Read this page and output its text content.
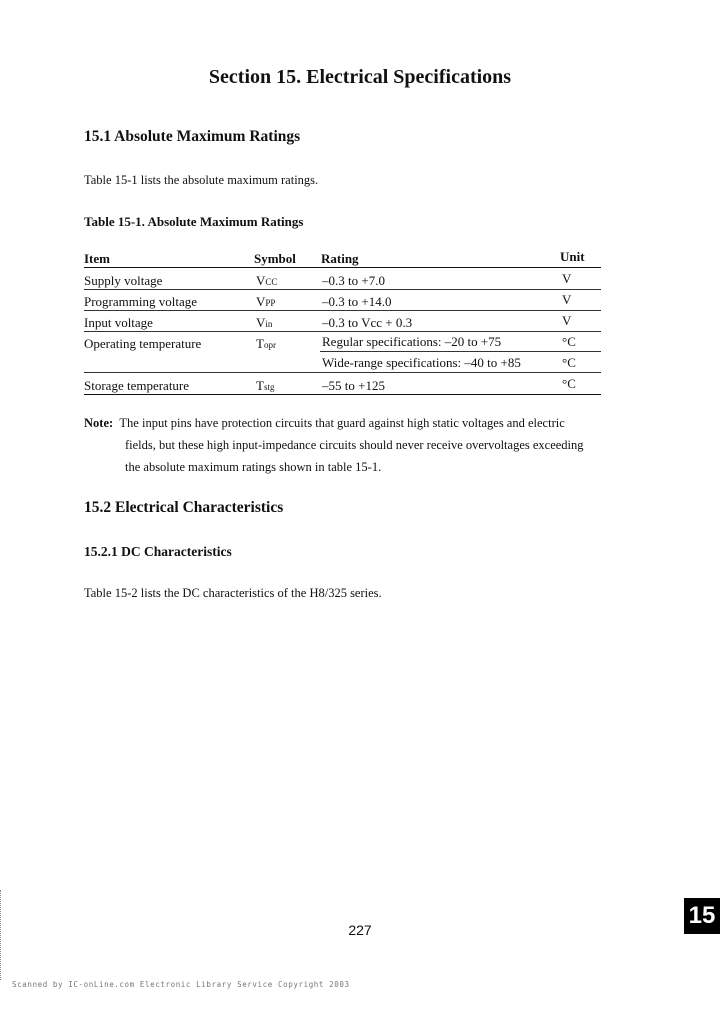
Section 15. Electrical Specifications
15.1 Absolute Maximum Ratings
Table 15-1 lists the absolute maximum ratings.
Table 15-1. Absolute Maximum Ratings
Item	Symbol Rating	Unit
Supply voltage	VCC	–0.3 to +7.0	V
Programming voltage	VPP	–0.3 to +14.0	V
Input voltage	Vin	–0.3 to Vcc + 0.3	V
Operating temperature	Topr	Regular specifications: –20 to +75	°C
Wide-range specifications: –40 to +85	°C
Storage temperature	Tstg	–55 to +125	°C
Note: The input pins have protection circuits that guard against high static voltages and electric
fields, but these high input-impedance circuits should never receive overvoltages exceeding
the absolute maximum ratings shown in table 15-1.
15.2 Electrical Characteristics
15.2.1 DC Characteristics
Table 15-2 lists the DC characteristics of the H8/325 series.
227
15
Scanned by IC-onLine.com Electronic Library Service Copyright 2003
